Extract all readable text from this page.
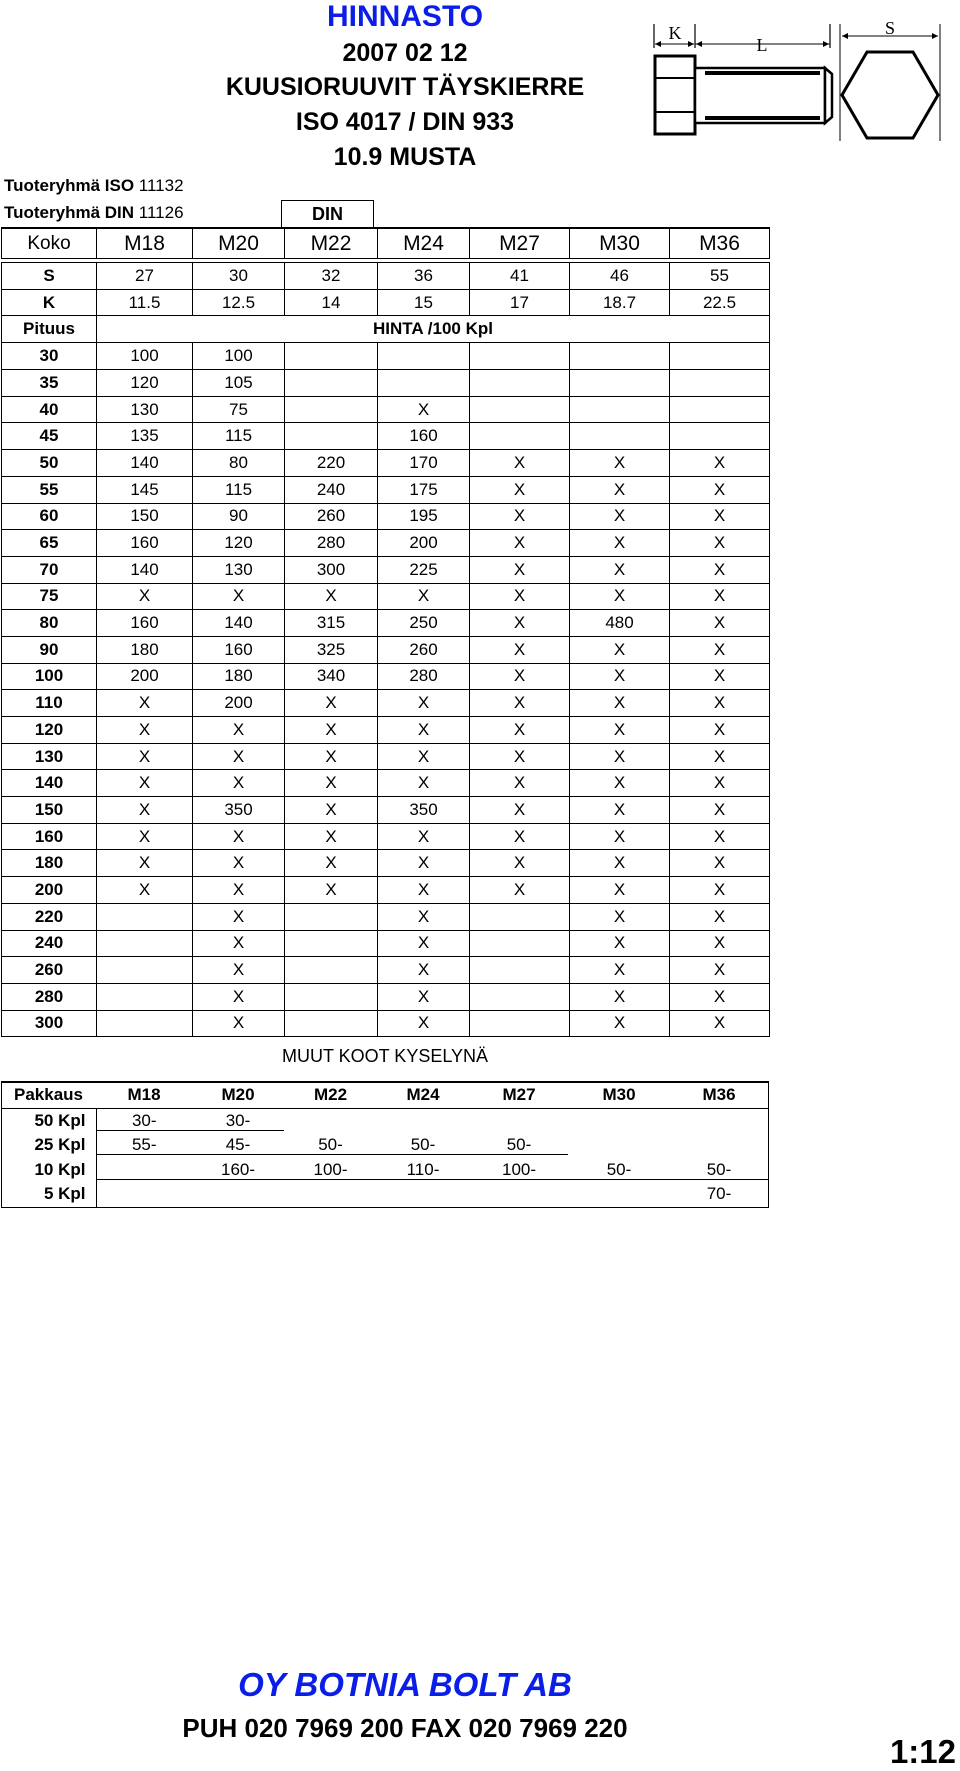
HINNASTO
2007 02 12
KUUSIORUUVIT TÄYSKIERRE
ISO 4017 / DIN 933
10.9 MUSTA
K
L
S
Tuoteryhmä ISO 11132
Tuoteryhmä DIN 11126	DIN
Koko	M18	M20	M22	M24	M27	M30	M36

S	27	30	32	36	41	46	55
K	11.5	12.5	14	15	17	18.7	22.5
Pituus	HINTA /100 Kpl						
30	100	100					
35	120	105					
40	130	75		X			
45	135	115		160			
50	140	80	220	170	X	X	X
55	145	115	240	175	X	X	X
60	150	90	260	195	X	X	X
65	160	120	280	200	X	X	X
70	140	130	300	225	X	X	X
75	X	X	X	X	X	X	X
80	160	140	315	250	X	480	X
90	180	160	325	260	X	X	X
100	200	180	340	280	X	X	X
110	X	200	X	X	X	X	X
120	X	X	X	X	X	X	X
130	X	X	X	X	X	X	X
140	X	X	X	X	X	X	X
150	X	350	X	350	X	X	X
160	X	X	X	X	X	X	X
180	X	X	X	X	X	X	X
200	X	X	X	X	X	X	X
220		X		X		X	X
240		X		X		X	X
260		X		X		X	X
280		X		X		X	X
300		X		X		X	X
MUUT KOOT KYSELYNÄ
Pakkaus	M18	M20	M22	M24	M27	M30	M36
50 Kpl	30-	30-					
25 Kpl	55-	45-	50-	50-	50-		
10 Kpl		160-	100-	110-	100-	50-	50-
5 Kpl							70-
OY BOTNIA BOLT AB
PUH 020 7969 200 FAX 020 7969 220
1:12
